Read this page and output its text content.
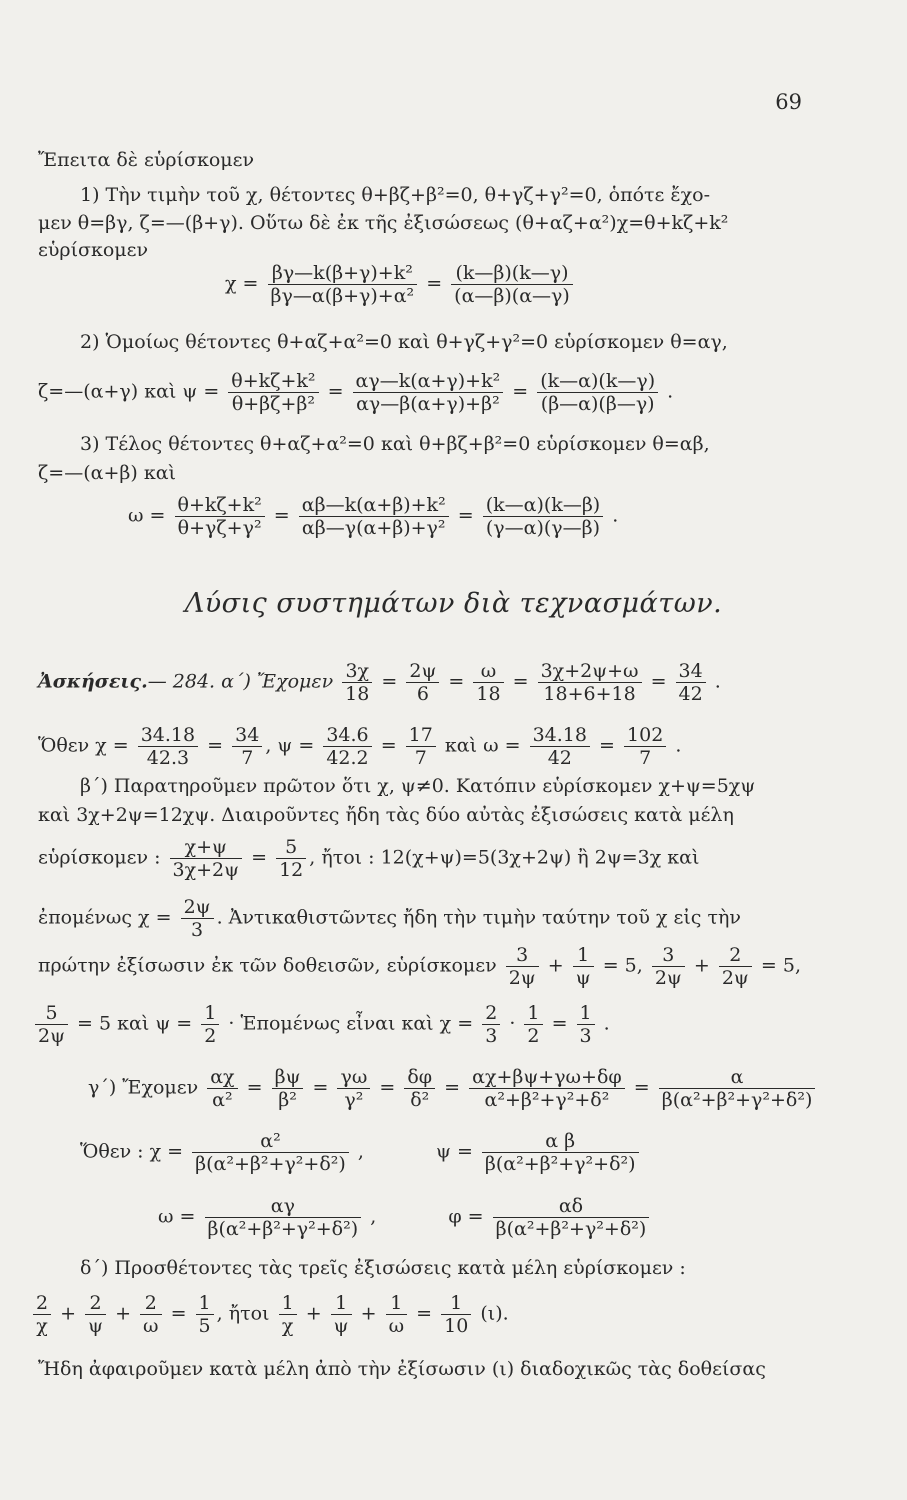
69
Ἔπειτα δὲ εὑρίσκομεν
1) Τὴν τιμὴν τοῦ χ, θέτοντες θ+βζ+β²=0, θ+γζ+γ²=0, ὁπότε ἔχο-
μεν θ=βγ, ζ=—(β+γ). Οὕτω δὲ ἐκ τῆς ἐξισώσεως (θ+αζ+α²)χ=θ+kζ+k²
εὑρίσκομεν
$\chi = \frac{\text{βγ—k(β+γ)+k²}}{\text{βγ—α(β+γ)+α²}} = \frac{(k—\beta)(k—\gamma)}{(\alpha—\beta)(\alpha—\gamma)}$
2) Ὁμοίως θέτοντες θ+αζ+α²=0 καὶ θ+γζ+γ²=0 εὑρίσκομεν θ=αγ,
ζ=—(α+γ) καὶ $\psi = \frac{\text{θ+kζ+k²}}{\text{θ+βζ+β²}} = \frac{\text{αγ—k(α+γ)+k²}}{\text{αγ—β(α+γ)+β²}} = \frac{(k—\alpha)(k—\gamma)}{(\beta—\alpha)(\beta—\gamma)}$ .
3) Τέλος θέτοντες θ+αζ+α²=0 καὶ θ+βζ+β²=0 εὑρίσκομεν θ=αβ,
ζ=—(α+β) καὶ
$\omega = \frac{\text{θ+kζ+k²}}{\text{θ+γζ+γ²}} = \frac{\text{αβ—k(α+β)+k²}}{\text{αβ—γ(α+β)+γ²}} = \frac{(k—\alpha)(k—\beta)}{(\gamma—\alpha)(\gamma—\beta)}$ .
Λύσις συστημάτων διὰ τεχνασμάτων.
Ἀσκήσεις.— 284. α΄) Ἔχομεν $\frac{3\chi}{18} = \frac{2\psi}{6} = \frac{\omega}{18} = \frac{3\chi+2\psi+\omega}{18+6+18} = \frac{34}{42}$ .
Ὅθεν $\chi = \frac{34.18}{42.3} = \frac{34}{7}$ , $\psi = \frac{34.6}{42.2} = \frac{17}{7}$ καὶ $\omega = \frac{34.18}{42} = \frac{102}{7}$ .
β΄) Παρατηροῦμεν πρῶτον ὅτι χ, ψ≠0. Κατόπιν εὑρίσκομεν χ+ψ=5χψ
καὶ 3χ+2ψ=12χψ. Διαιροῦντες ἤδη τὰς δύο αὐτὰς ἐξισώσεις κατὰ μέλη
εὑρίσκομεν : $\frac{\chi+\psi}{3\chi+2\psi} = \frac{5}{12}$ , ἤτοι : 12(χ+ψ)=5(3χ+2ψ) ἢ 2ψ=3χ καὶ
ἐπομένως $\chi = \frac{2\psi}{3}$ . Ἀντικαθιστῶντες ἤδη τὴν τιμὴν ταύτην τοῦ χ εἰς τὴν
πρώτην ἐξίσωσιν ἐκ τῶν δοθεισῶν, εὑρίσκομεν $\frac{3}{2\psi} + \frac{1}{\psi} = 5$, $\frac{3}{2\psi} + \frac{2}{2\psi} = 5$,
$\frac{5}{2\psi} = 5$ καὶ $\psi = \frac{1}{2}$ · Ἑπομένως εἶναι καὶ $\chi = \frac{2}{3} \cdot \frac{1}{2} = \frac{1}{3}$ .
γ΄) Ἔχομεν $\frac{\alpha\chi}{\text{α²}} = \frac{\beta\psi}{\text{β²}} = \frac{\gamma\omega}{\text{γ²}} = \frac{\delta\varphi}{\text{δ²}} = \frac{\alpha\chi+\beta\psi+\gamma\omega+\delta\varphi}{\text{α²+β²+γ²+δ²}} = \frac{\alpha}{\text{β(α²+β²+γ²+δ²)}}$
Ὅθεν : $\chi = \frac{\text{α²}}{\text{β(α²+β²+γ²+δ²)}}$ ,	$\psi = \frac{\text{α β}}{\text{β(α²+β²+γ²+δ²)}}$
$\omega = \frac{\alpha\gamma}{\text{β(α²+β²+γ²+δ²)}}$ ,	$\varphi = \frac{\alpha\delta}{\text{β(α²+β²+γ²+δ²)}}$
δ΄) Προσθέτοντες τὰς τρεῖς ἐξισώσεις κατὰ μέλη εὑρίσκομεν :
$\frac{2}{\chi} + \frac{2}{\psi} + \frac{2}{\omega} = \frac{1}{5}$ , ἤτοι $\frac{1}{\chi} + \frac{1}{\psi} + \frac{1}{\omega} = \frac{1}{10} (\iota)$.
Ἤδη ἀφαιροῦμεν κατὰ μέλη ἀπὸ τὴν ἐξίσωσιν (ι) διαδοχικῶς τὰς δοθείσας
